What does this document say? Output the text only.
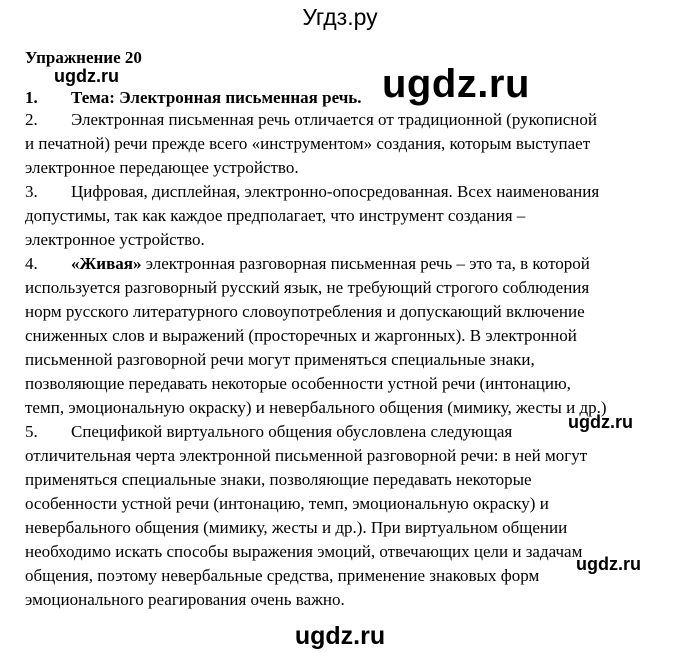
Угдз.ру
Упражнение 20
ugdz.ru	ugdz.ru
1. Тема: Электронная письменная речь.
2. Электронная письменная речь отличается от традиционной (рукописной
и печатной) речи прежде всего «инструментом» создания, которым выступает
электронное передающее устройство.
3. Цифровая, дисплейная, электронно-опосредованная. Всех наименования
допустимы, так как каждое предполагает, что инструмент создания –
электронное устройство.
4. «Живая» электронная разговорная письменная речь – это та, в которой
используется разговорный русский язык, не требующий строгого соблюдения
норм русского литературного словоупотребления и допускающий включение
сниженных слов и выражений (просторечных и жаргонных). В электронной
письменной разговорной речи могут применяться специальные знаки,
позволяющие передавать некоторые особенности устной речи (интонацию,
темп, эмоциональную окраску) и невербального общения (мимику, жесты и др.)
ugdz.ru
5. Спецификой виртуального общения обусловлена следующая
отличительная черта электронной письменной разговорной речи: в ней могут
применяться специальные знаки, позволяющие передавать некоторые
особенности устной речи (интонацию, темп, эмоциональную окраску) и
невербального общения (мимику, жесты и др.). При виртуальном общении
необходимо искать способы выражения эмоций, отвечающих цели и задачам
ugdz.ru
общения, поэтому невербальные средства, применение знаковых форм
эмоционального реагирования очень важно.
ugdz.ru
